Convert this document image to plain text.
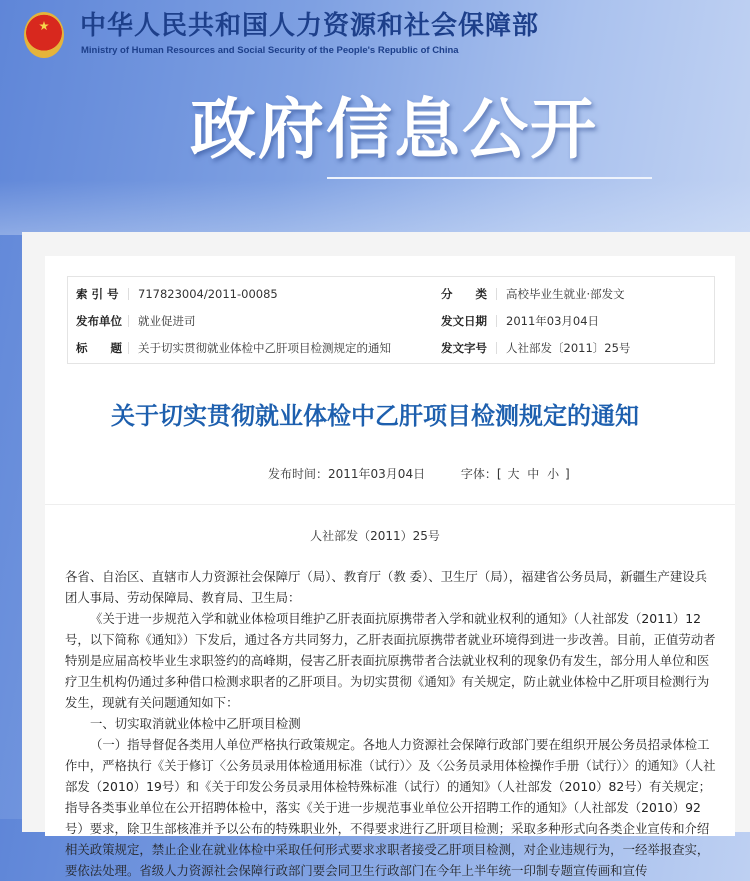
中华人民共和国人力资源和社会保障部
Ministry of Human Resources and Social Security of the People's Republic of China
政府信息公开
索 引 号 717823004/2011-00085	分　　类 高校毕业生就业·部发文
发布单位 就业促进司	发文日期 2011年03月04日
标　　题 关于切实贯彻就业体检中乙肝项目检测规定的通知	发文字号 人社部发〔2011〕25号
关于切实贯彻就业体检中乙肝项目检测规定的通知
发布时间：2011年03月04日	字体：[ 大 中 小 ]
人社部发（2011）25号

各省、自治区、直辖市人力资源社会保障厅（局）、教育厅（教 委）、卫生厅（局），福建省公务员局，新疆生产建设兵团人事局、劳动保障局、教育局、卫生局：

《关于进一步规范入学和就业体检项目维护乙肝表面抗原携带者入学和就业权利的通知》（人社部发（2011）12号，以下简称《通知》）下发后，通过各方共同努力，乙肝表面抗原携带者就业环境得到进一步改善。目前，正值劳动者特别是应届高校毕业生求职签约的高峰期，侵害乙肝表面抗原携带者合法就业权利的现象仍有发生，部分用人单位和医疗卫生机构仍通过多种借口检测求职者的乙肝项目。为切实贯彻《通知》有关规定，防止就业体检中乙肝项目检测行为发生，现就有关问题通知如下：

一、切实取消就业体检中乙肝项目检测

（一）指导督促各类用人单位严格执行政策规定。各地人力资源社会保障行政部门要在组织开展公务员招录体检工作中，严格执行《关于修订〈公务员录用体检通用标准（试行）〉及〈公务员录用体检操作手册（试行）〉的通知》（人社部发（2010）19号）和《关于印发公务员录用体检特殊标准（试行）的通知》（人社部发（2010）82号）有关规定；指导各类事业单位在公开招聘体检中，落实《关于进一步规范事业单位公开招聘工作的通知》（人社部发（2010）92号）要求，除卫生部核准并予以公布的特殊职业外，不得要求进行乙肝项目检测；采取多种形式向各类企业宣传和介绍相关政策规定，禁止企业在就业体检中采取任何形式要求求职者接受乙肝项目检测，对企业违规行为，一经举报查实，要依法处理。省级人力资源社会保障行政部门要会同卫生行政部门在今年上半年统一印制专题宣传画和宣传
